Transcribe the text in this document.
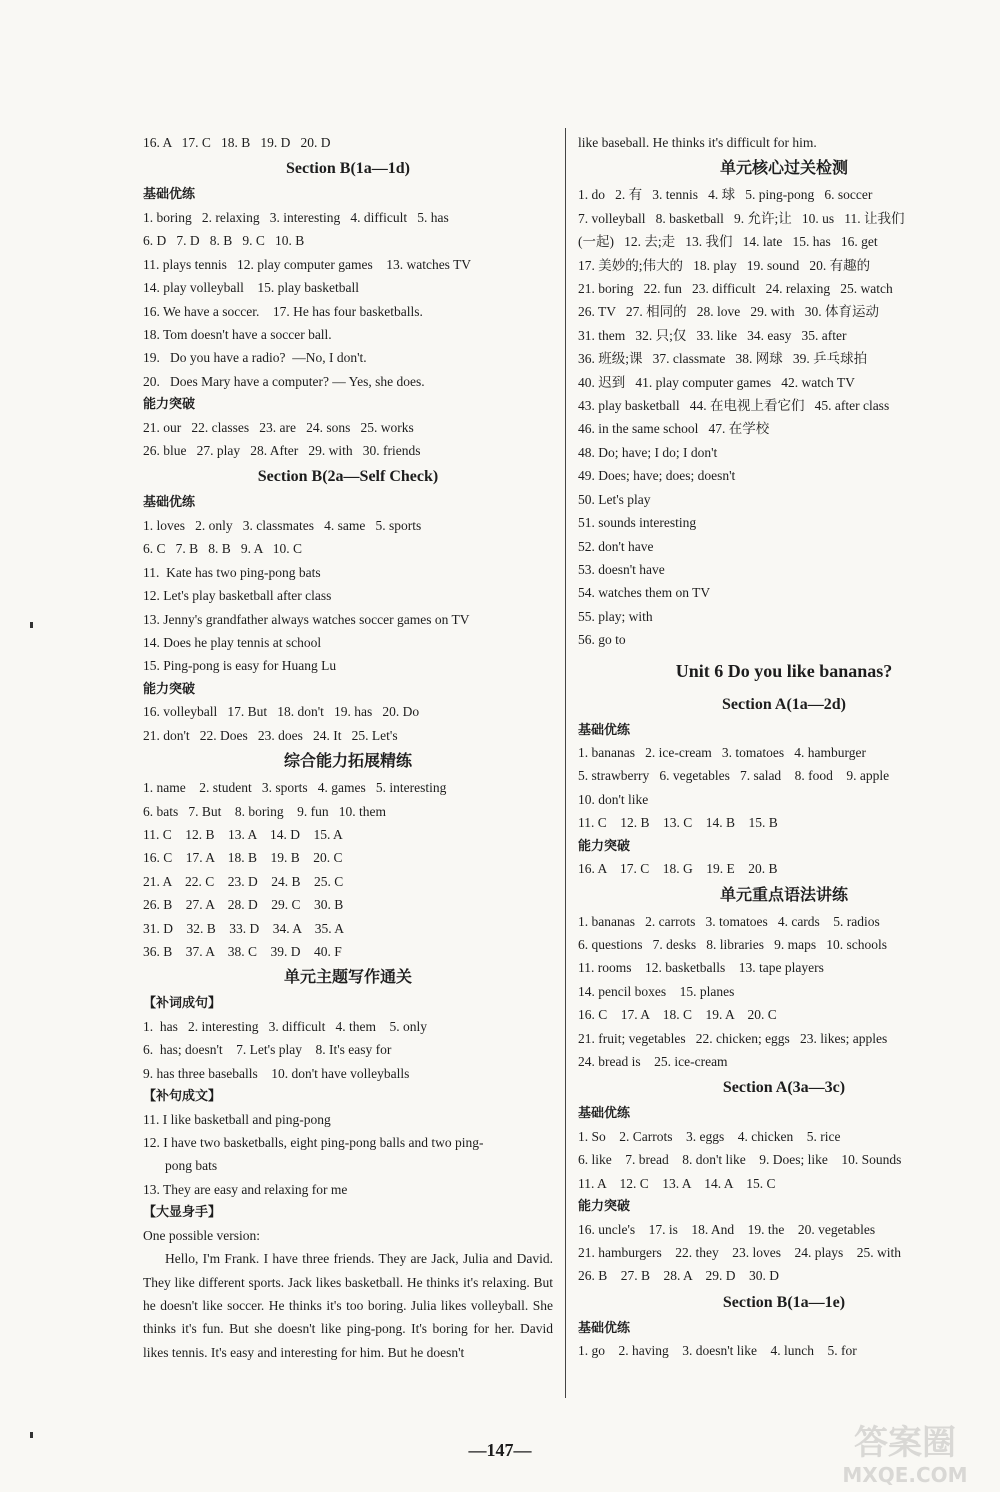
16. A   17. C   18. B   19. D   20. D
Section B(1a—1d)
基础优练
1. boring   2. relaxing   3. interesting   4. difficult   5. has
6. D   7. D   8. B   9. C   10. B
11. plays tennis   12. play computer games    13. watches TV
14. play volleyball    15. play basketball
16. We have a soccer.    17. He has four basketballs.
18. Tom doesn't have a soccer ball.
19.   Do you have a radio?  —No, I don't.
20.   Does Mary have a computer? — Yes, she does.
能力突破
21. our   22. classes   23. are   24. sons   25. works
26. blue   27. play   28. After   29. with   30. friends
Section B(2a—Self Check)
基础优练
1. loves   2. only   3. classmates   4. same   5. sports
6. C   7. B   8. B   9. A   10. C
11.  Kate has two ping-pong bats
12. Let's play basketball after class
13. Jenny's grandfather always watches soccer games on TV
14. Does he play tennis at school
15. Ping-pong is easy for Huang Lu
能力突破
16. volleyball   17. But   18. don't   19. has   20. Do
21. don't   22. Does   23. does   24. It   25. Let's
综合能力拓展精练
1. name    2. student   3. sports   4. games   5. interesting
6. bats   7. But    8. boring    9. fun   10. them
11. C    12. B    13. A    14. D    15. A
16. C    17. A    18. B    19. B    20. C
21. A    22. C    23. D    24. B    25. C
26. B    27. A    28. D    29. C    30. B
31. D    32. B    33. D    34. A    35. A
36. B    37. A    38. C    39. D    40. F
单元主题写作通关
【补词成句】
1.  has   2. interesting   3. difficult   4. them    5. only
6.  has; doesn't    7. Let's play    8. It's easy for
9. has three baseballs    10. don't have volleyballs
【补句成文】
11. I like basketball and ping-pong
12. I have two basketballs, eight ping-pong balls and two ping-
pong bats
13. They are easy and relaxing for me
【大显身手】
One possible version:
Hello, I'm Frank. I have three friends. They are Jack, Julia and David. They like different sports. Jack likes basketball. He thinks it's relaxing. But he doesn't like soccer. He thinks it's too boring. Julia likes volleyball. She thinks it's fun. But she doesn't like ping-pong. It's boring for her. David likes tennis. It's easy and interesting for him. But he doesn't
like baseball. He thinks it's difficult for him.
单元核心过关检测
1. do   2. 有   3. tennis   4. 球   5. ping-pong   6. soccer
7. volleyball   8. basketball   9. 允许;让   10. us   11. 让我们
(一起)   12. 去;走   13. 我们   14. late   15. has   16. get
17. 美妙的;伟大的   18. play   19. sound   20. 有趣的
21. boring   22. fun   23. difficult   24. relaxing   25. watch
26. TV   27. 相同的   28. love   29. with   30. 体育运动
31. them   32. 只;仅   33. like   34. easy   35. after
36. 班级;课   37. classmate   38. 网球   39. 乒乓球拍
40. 迟到   41. play computer games   42. watch TV
43. play basketball   44. 在电视上看它们   45. after class
46. in the same school   47. 在学校
48. Do; have; I do; I don't
49. Does; have; does; doesn't
50. Let's play
51. sounds interesting
52. don't have
53. doesn't have
54. watches them on TV
55. play; with
56. go to
Unit 6 Do you like bananas?
Section A(1a—2d)
基础优练
1. bananas   2. ice-cream   3. tomatoes   4. hamburger
5. strawberry   6. vegetables   7. salad    8. food    9. apple
10. don't like
11. C    12. B    13. C    14. B    15. B
能力突破
16. A    17. C    18. G    19. E    20. B
单元重点语法讲练
1. bananas   2. carrots   3. tomatoes   4. cards    5. radios
6. questions   7. desks   8. libraries   9. maps   10. schools
11. rooms    12. basketballs    13. tape players
14. pencil boxes    15. planes
16. C    17. A    18. C    19. A    20. C
21. fruit; vegetables   22. chicken; eggs   23. likes; apples
24. bread is    25. ice-cream
Section A(3a—3c)
基础优练
1. So    2. Carrots    3. eggs    4. chicken    5. rice
6. like    7. bread    8. don't like    9. Does; like    10. Sounds
11. A    12. C    13. A    14. A    15. C
能力突破
16. uncle's    17. is    18. And    19. the    20. vegetables
21. hamburgers    22. they    23. loves    24. plays    25. with
26. B    27. B    28. A    29. D    30. D
Section B(1a—1e)
基础优练
1. go    2. having    3. doesn't like    4. lunch    5. for
—147—	答案圈
MXQE.COM
